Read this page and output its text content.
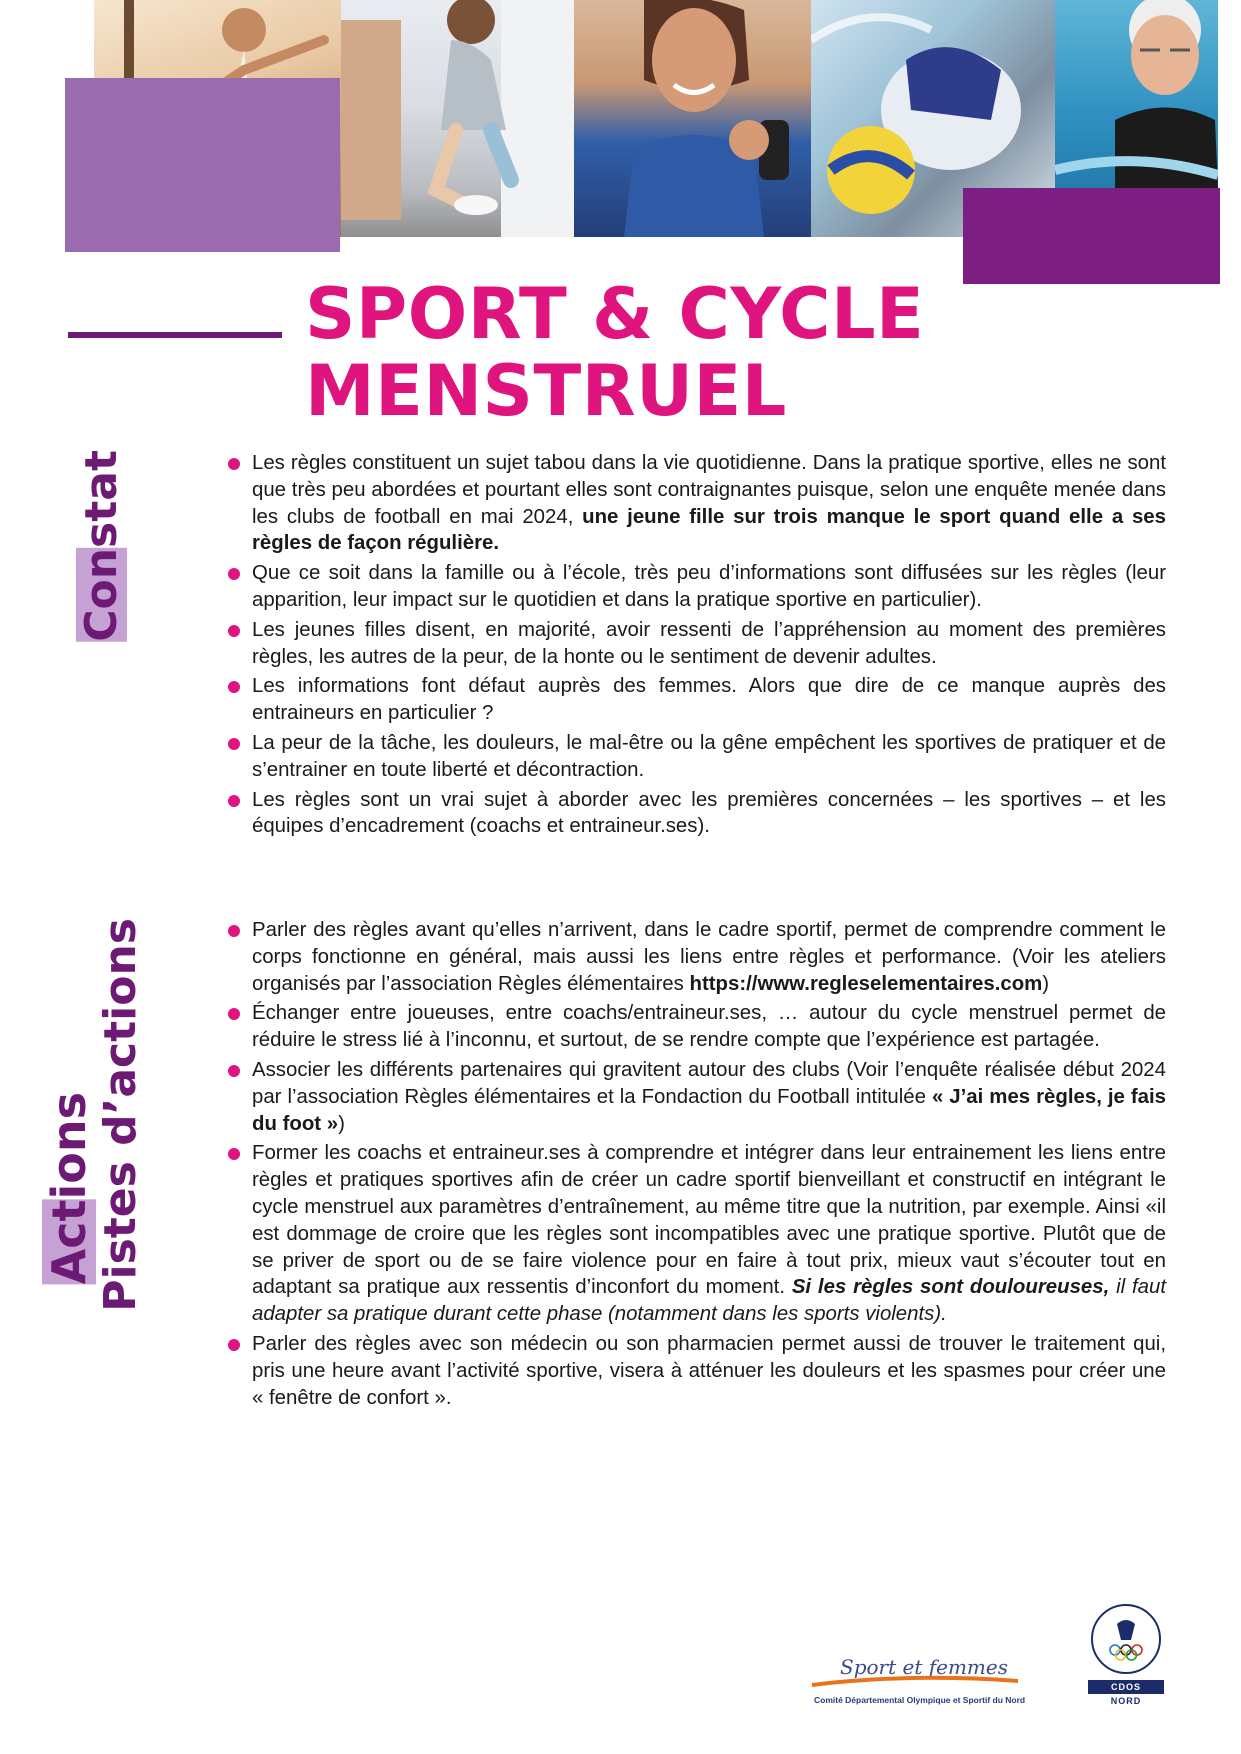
SPORT & CYCLE
MENSTRUEL
Constat
Actions Pistes d’actions
Les règles constituent un sujet tabou dans la vie quotidienne. Dans la pratique sportive, elles ne sont que très peu abordées et pourtant elles sont contraignantes puisque, selon une enquête menée dans les clubs de football en mai 2024, une jeune fille sur trois manque le sport quand elle a ses règles de façon régulière.
Que ce soit dans la famille ou à l’école, très peu d’informations sont diffusées sur les règles (leur apparition, leur impact sur le quotidien et dans la pratique sportive en particulier).
Les jeunes filles disent, en majorité, avoir ressenti de l’appréhension au moment des premières règles, les autres de la peur, de la honte ou le sentiment de devenir adultes.
Les informations font défaut auprès des femmes. Alors que dire de ce manque auprès des entraineurs en particulier ?
La peur de la tâche, les douleurs, le mal-être ou la gêne empêchent les sportives de pratiquer et de s’entrainer en toute liberté et décontraction.
Les règles sont un vrai sujet à aborder avec les premières concernées – les sportives – et les équipes d’encadrement (coachs et entraineur.ses).
Parler des règles avant qu’elles n’arrivent, dans le cadre sportif, permet de comprendre comment le corps fonctionne en général, mais aussi les liens entre règles et performance. (Voir les ateliers organisés par l’association Règles élémentaires https://www.regleselementaires.com)
Échanger entre joueuses, entre coachs/entraineur.ses, … autour du cycle menstruel permet de réduire le stress lié à l’inconnu, et surtout, de se rendre compte que l’expérience est partagée.
Associer les différents partenaires qui gravitent autour des clubs (Voir l’enquête réalisée début 2024 par l’association Règles élémentaires et la Fondaction du Football intitulée « J’ai mes règles, je fais du foot »)
Former les coachs et entraineur.ses à comprendre et intégrer dans leur entrainement les liens entre règles et pratiques sportives afin de créer un cadre sportif bienveillant et constructif en intégrant le cycle menstruel aux paramètres d’entraînement, au même titre que la nutrition, par exemple. Ainsi «il est dommage de croire que les règles sont incompatibles avec une pratique sportive. Plutôt que de se priver de sport ou de se faire violence pour en faire à tout prix, mieux vaut s’écouter tout en adaptant sa pratique aux ressentis d’inconfort du moment. Si les règles sont douloureuses, il faut adapter sa pratique durant cette phase (notamment dans les sports violents).
Parler des règles avec son médecin ou son pharmacien permet aussi de trouver le traitement qui, pris une heure avant l’activité sportive, visera à atténuer les douleurs et les spasmes pour créer une « fenêtre de confort ».
Sport et femmes
Comité Départemental Olympique et Sportif du Nord
CDOS
NORD
